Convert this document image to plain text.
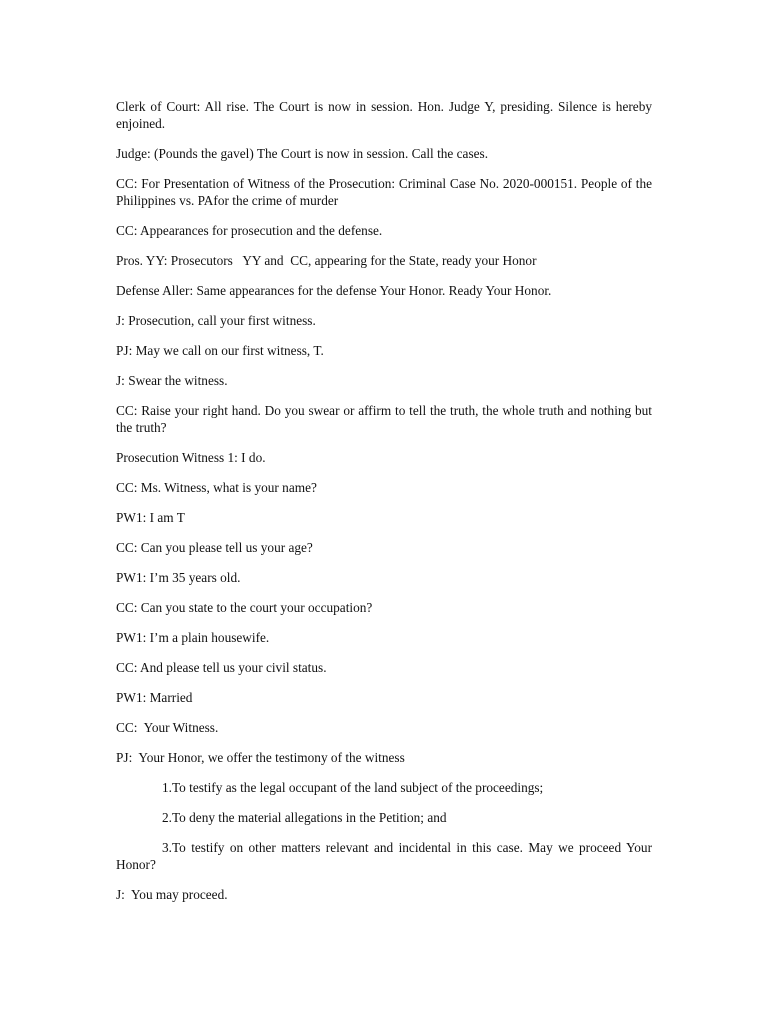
Clerk of Court: All rise. The Court is now in session. Hon. Judge Y, presiding. Silence is hereby enjoined.

Judge: (Pounds the gavel) The Court is now in session. Call the cases.

CC: For Presentation of Witness of the Prosecution: Criminal Case No. 2020-000151. People of the Philippines vs. PAfor the crime of murder

CC: Appearances for prosecution and the defense.

Pros. YY: Prosecutors   YY and  CC, appearing for the State, ready your Honor

Defense Aller: Same appearances for the defense Your Honor. Ready Your Honor.

J: Prosecution, call your first witness.

PJ: May we call on our first witness, T.

J: Swear the witness.

CC: Raise your right hand. Do you swear or affirm to tell the truth, the whole truth and nothing but the truth?

Prosecution Witness 1: I do.

CC: Ms. Witness, what is your name?

PW1: I am T

CC: Can you please tell us your age?

PW1: I’m 35 years old.

CC: Can you state to the court your occupation?

PW1: I’m a plain housewife.

CC: And please tell us your civil status.

PW1: Married

CC:  Your Witness.

PJ:  Your Honor, we offer the testimony of the witness

1.To testify as the legal occupant of the land subject of the proceedings;

2.To deny the material allegations in the Petition; and

3.To testify on other matters relevant and incidental in this case. May we proceed Your Honor?

J:  You may proceed.
